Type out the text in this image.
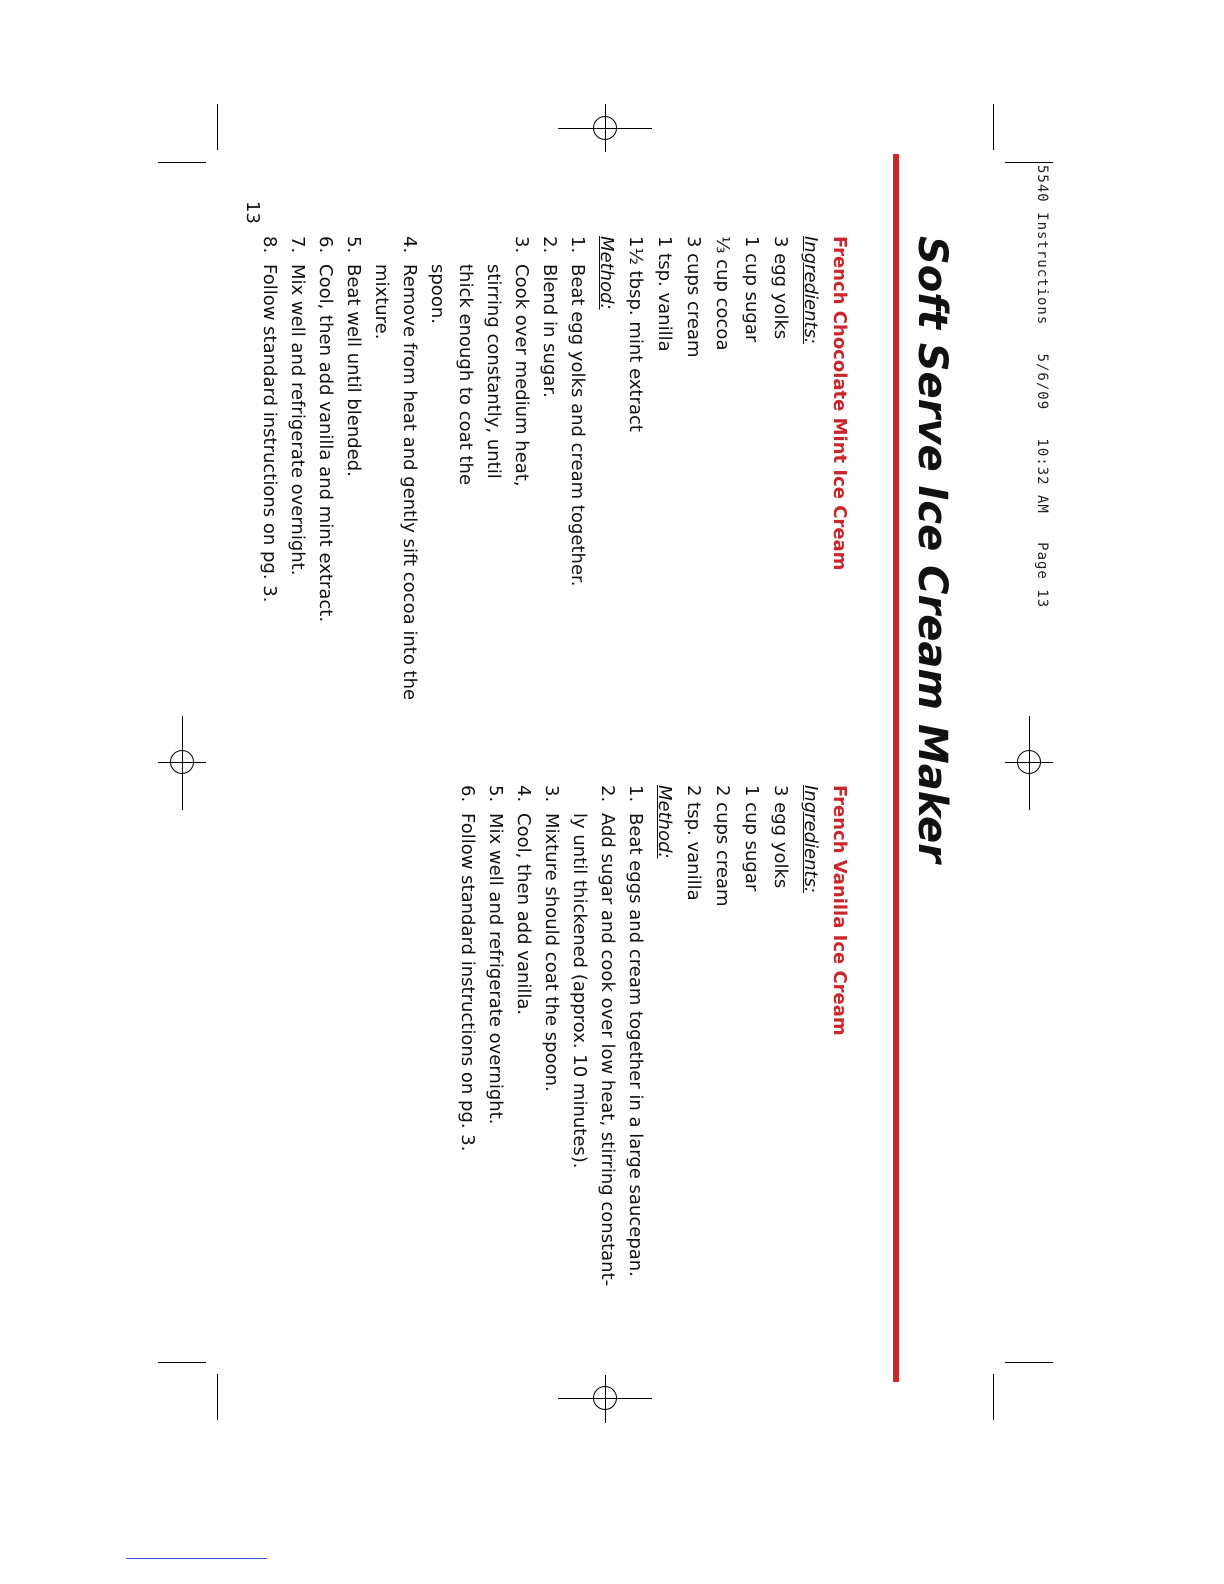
5540 Instructions   5/6/09   10:32 AM   Page 13
Soft Serve Ice Cream Maker
French Chocolate Mint Ice Cream
Ingredients:
3 egg yolks
1 cup sugar
⅓ cup cocoa
3 cups cream
1 tsp. vanilla
1½ tbsp. mint extract
Method:
1.
Beat egg yolks and cream together.
2.
Blend in sugar.
3.
Cook over medium heat, stirring constantly, until thick enough to coat the spoon.
4.
Remove from heat and gently sift cocoa into the mixture.
5.
Beat well until blended.
6.
Cool, then add vanilla and mint extract.
7.
Mix well and refrigerate overnight.
8.
Follow standard instructions on pg. 3.
French Vanilla Ice Cream
Ingredients:
3 egg yolks
1 cup sugar
2 cups cream
2 tsp. vanilla
Method:
1.
Beat eggs and cream together in a large saucepan.
2.
Add sugar and cook over low heat, stirring constant-ly until thickened (approx. 10 minutes).
3.
Mixture should coat the spoon.
4.
Cool, then add vanilla.
5.
Mix well and refrigerate overnight.
6.
Follow standard instructions on pg. 3.
13
